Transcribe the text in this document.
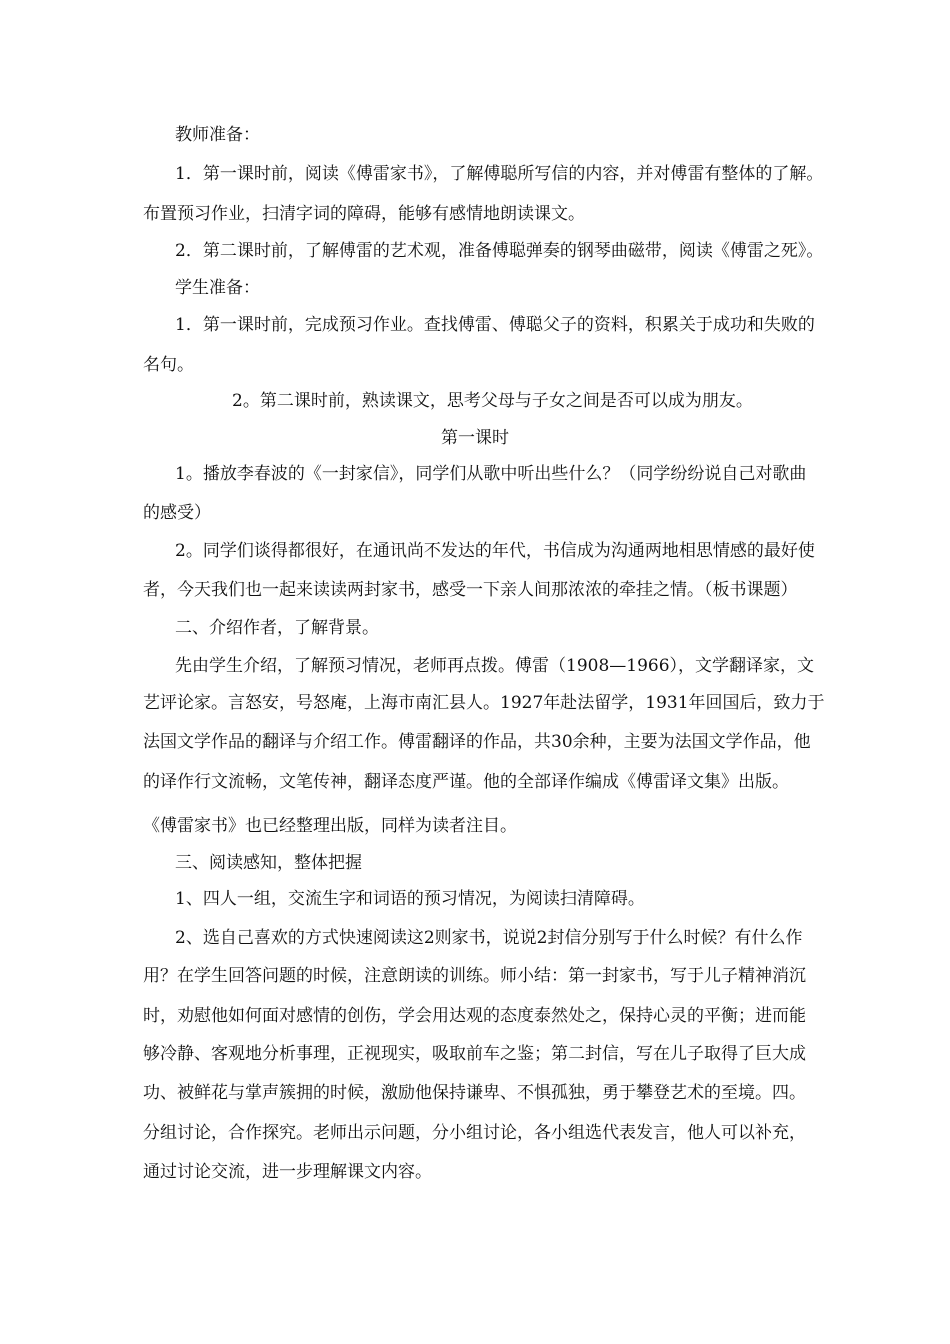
教师准备：
1．第一课时前，阅读《傅雷家书》，了解傅聪所写信的内容，并对傅雷有整体的了解。
布置预习作业，扫清字词的障碍，能够有感情地朗读课文。
2．第二课时前，了解傅雷的艺术观，准备傅聪弹奏的钢琴曲磁带，阅读《傅雷之死》。
学生准备：
1．第一课时前，完成预习作业。查找傅雷、傅聪父子的资料，积累关于成功和失败的
名句。
2。第二课时前，熟读课文，思考父母与子女之间是否可以成为朋友。
第一课时
1。播放李春波的《一封家信》，同学们从歌中听出些什么？（同学纷纷说自己对歌曲
的感受）
2。同学们谈得都很好，在通讯尚不发达的年代，书信成为沟通两地相思情感的最好使
者，今天我们也一起来读读两封家书，感受一下亲人间那浓浓的牵挂之情。（板书课题）
二、介绍作者，了解背景。
先由学生介绍，了解预习情况，老师再点拨。傅雷（1908—1966），文学翻译家，文
艺评论家。言怒安，号怒庵，上海市南汇县人。1927年赴法留学，1931年回国后，致力于
法国文学作品的翻译与介绍工作。傅雷翻译的作品，共30余种，主要为法国文学作品，他
的译作行文流畅，文笔传神，翻译态度严谨。他的全部译作编成《傅雷译文集》出版。
《傅雷家书》也已经整理出版，同样为读者注目。
三、阅读感知，整体把握
1、四人一组，交流生字和词语的预习情况，为阅读扫清障碍。
2、选自己喜欢的方式快速阅读这2则家书，说说2封信分别写于什么时候？有什么作
用？在学生回答问题的时候，注意朗读的训练。师小结：第一封家书，写于儿子精神消沉
时，劝慰他如何面对感情的创伤，学会用达观的态度泰然处之，保持心灵的平衡；进而能
够冷静、客观地分析事理，正视现实，吸取前车之鉴；第二封信，写在儿子取得了巨大成
功、被鲜花与掌声簇拥的时候，激励他保持谦卑、不惧孤独，勇于攀登艺术的至境。四。
分组讨论，合作探究。老师出示问题，分小组讨论，各小组选代表发言，他人可以补充，
通过讨论交流，进一步理解课文内容。
